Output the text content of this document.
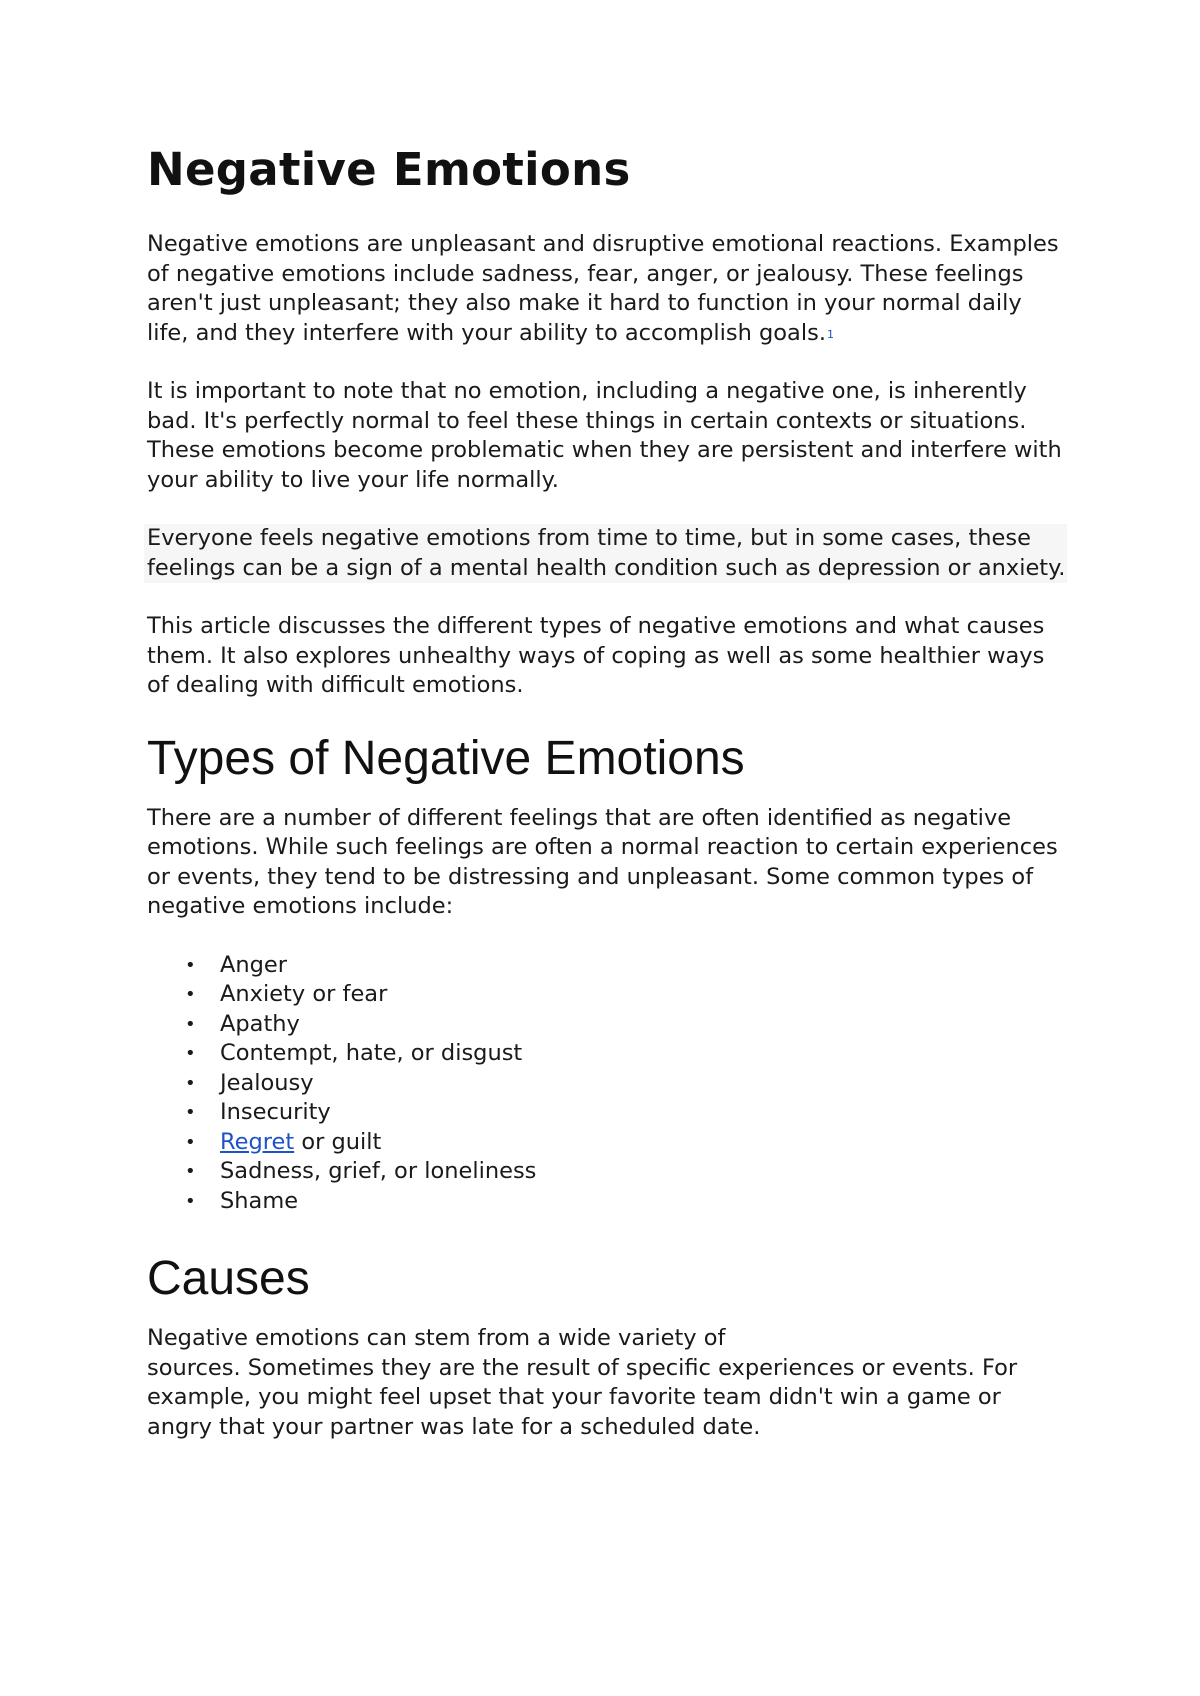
Negative Emotions

Negative emotions are unpleasant and disruptive emotional reactions. Examples of negative emotions include sadness, fear, anger, or jealousy. These feelings aren't just unpleasant; they also make it hard to function in your normal daily life, and they interfere with your ability to accomplish goals.$^1$

It is important to note that no emotion, including a negative one, is inherently bad. It's perfectly normal to feel these things in certain contexts or situations. These emotions become problematic when they are persistent and interfere with your ability to live your life normally.

Everyone feels negative emotions from time to time, but in some cases, these feelings can be a sign of a mental health condition such as depression or anxiety.

This article discusses the different types of negative emotions and what causes them. It also explores unhealthy ways of coping as well as some healthier ways of dealing with difficult emotions.

Types of Negative Emotions

There are a number of different feelings that are often identified as negative emotions. While such feelings are often a normal reaction to certain experiences or events, they tend to be distressing and unpleasant. Some common types of negative emotions include:

• Anger
• Anxiety or fear
• Apathy
• Contempt, hate, or disgust
• Jealousy
• Insecurity
• Regret or guilt
• Sadness, grief, or loneliness
• Shame
Causes

Negative emotions can stem from a wide variety of
sources. Sometimes they are the result of specific experiences or events. For example, you might feel upset that your favorite team didn't win a game or angry that your partner was late for a scheduled date.
